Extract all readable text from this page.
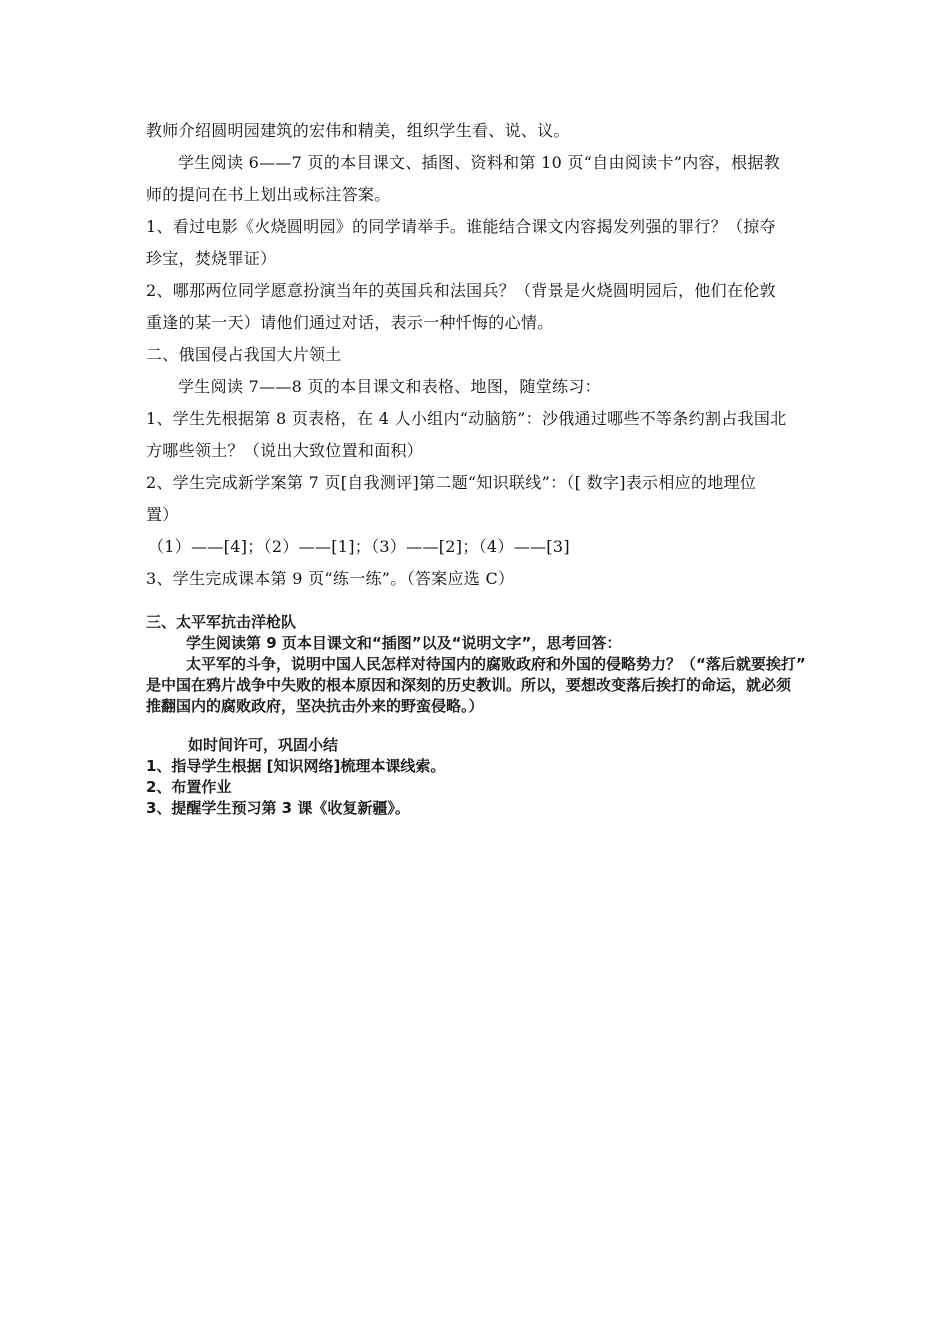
教师介绍圆明园建筑的宏伟和精美，组织学生看、说、议。
学生阅读 6——7 页的本目课文、插图、资料和第 10 页“自由阅读卡”内容，根据教
师的提问在书上划出或标注答案。
1、看过电影《火烧圆明园》的同学请举手。谁能结合课文内容揭发列强的罪行？（掠夺
珍宝，焚烧罪证）
2、哪那两位同学愿意扮演当年的英国兵和法国兵？（背景是火烧圆明园后，他们在伦敦
重逢的某一天）请他们通过对话，表示一种忏悔的心情。
二、俄国侵占我国大片领土
学生阅读 7——8 页的本目课文和表格、地图，随堂练习：
1、学生先根据第 8 页表格，在 4 人小组内“动脑筋”：沙俄通过哪些不等条约割占我国北
方哪些领土？（说出大致位置和面积）
2、学生完成新学案第 7 页[自我测评]第二题“知识联线”：（[ 数字]表示相应的地理位
置）
（1）——[4]；（2）——[1]；（3）——[2]；（4）——[3]
3、学生完成课本第 9 页“练一练”。（答案应选 C）
三、太平军抗击洋枪队
学生阅读第 9 页本目课文和“插图”以及“说明文字”，思考回答：
太平军的斗争，说明中国人民怎样对待国内的腐败政府和外国的侵略势力？（“落后就要挨打”
是中国在鸦片战争中失败的根本原因和深刻的历史教训。所以，要想改变落后挨打的命运，就必须
推翻国内的腐败政府，坚决抗击外来的野蛮侵略。）
如时间许可，巩固小结
1、指导学生根据 [知识网络]梳理本课线索。
2、布置作业
3、提醒学生预习第 3 课《收复新疆》。
